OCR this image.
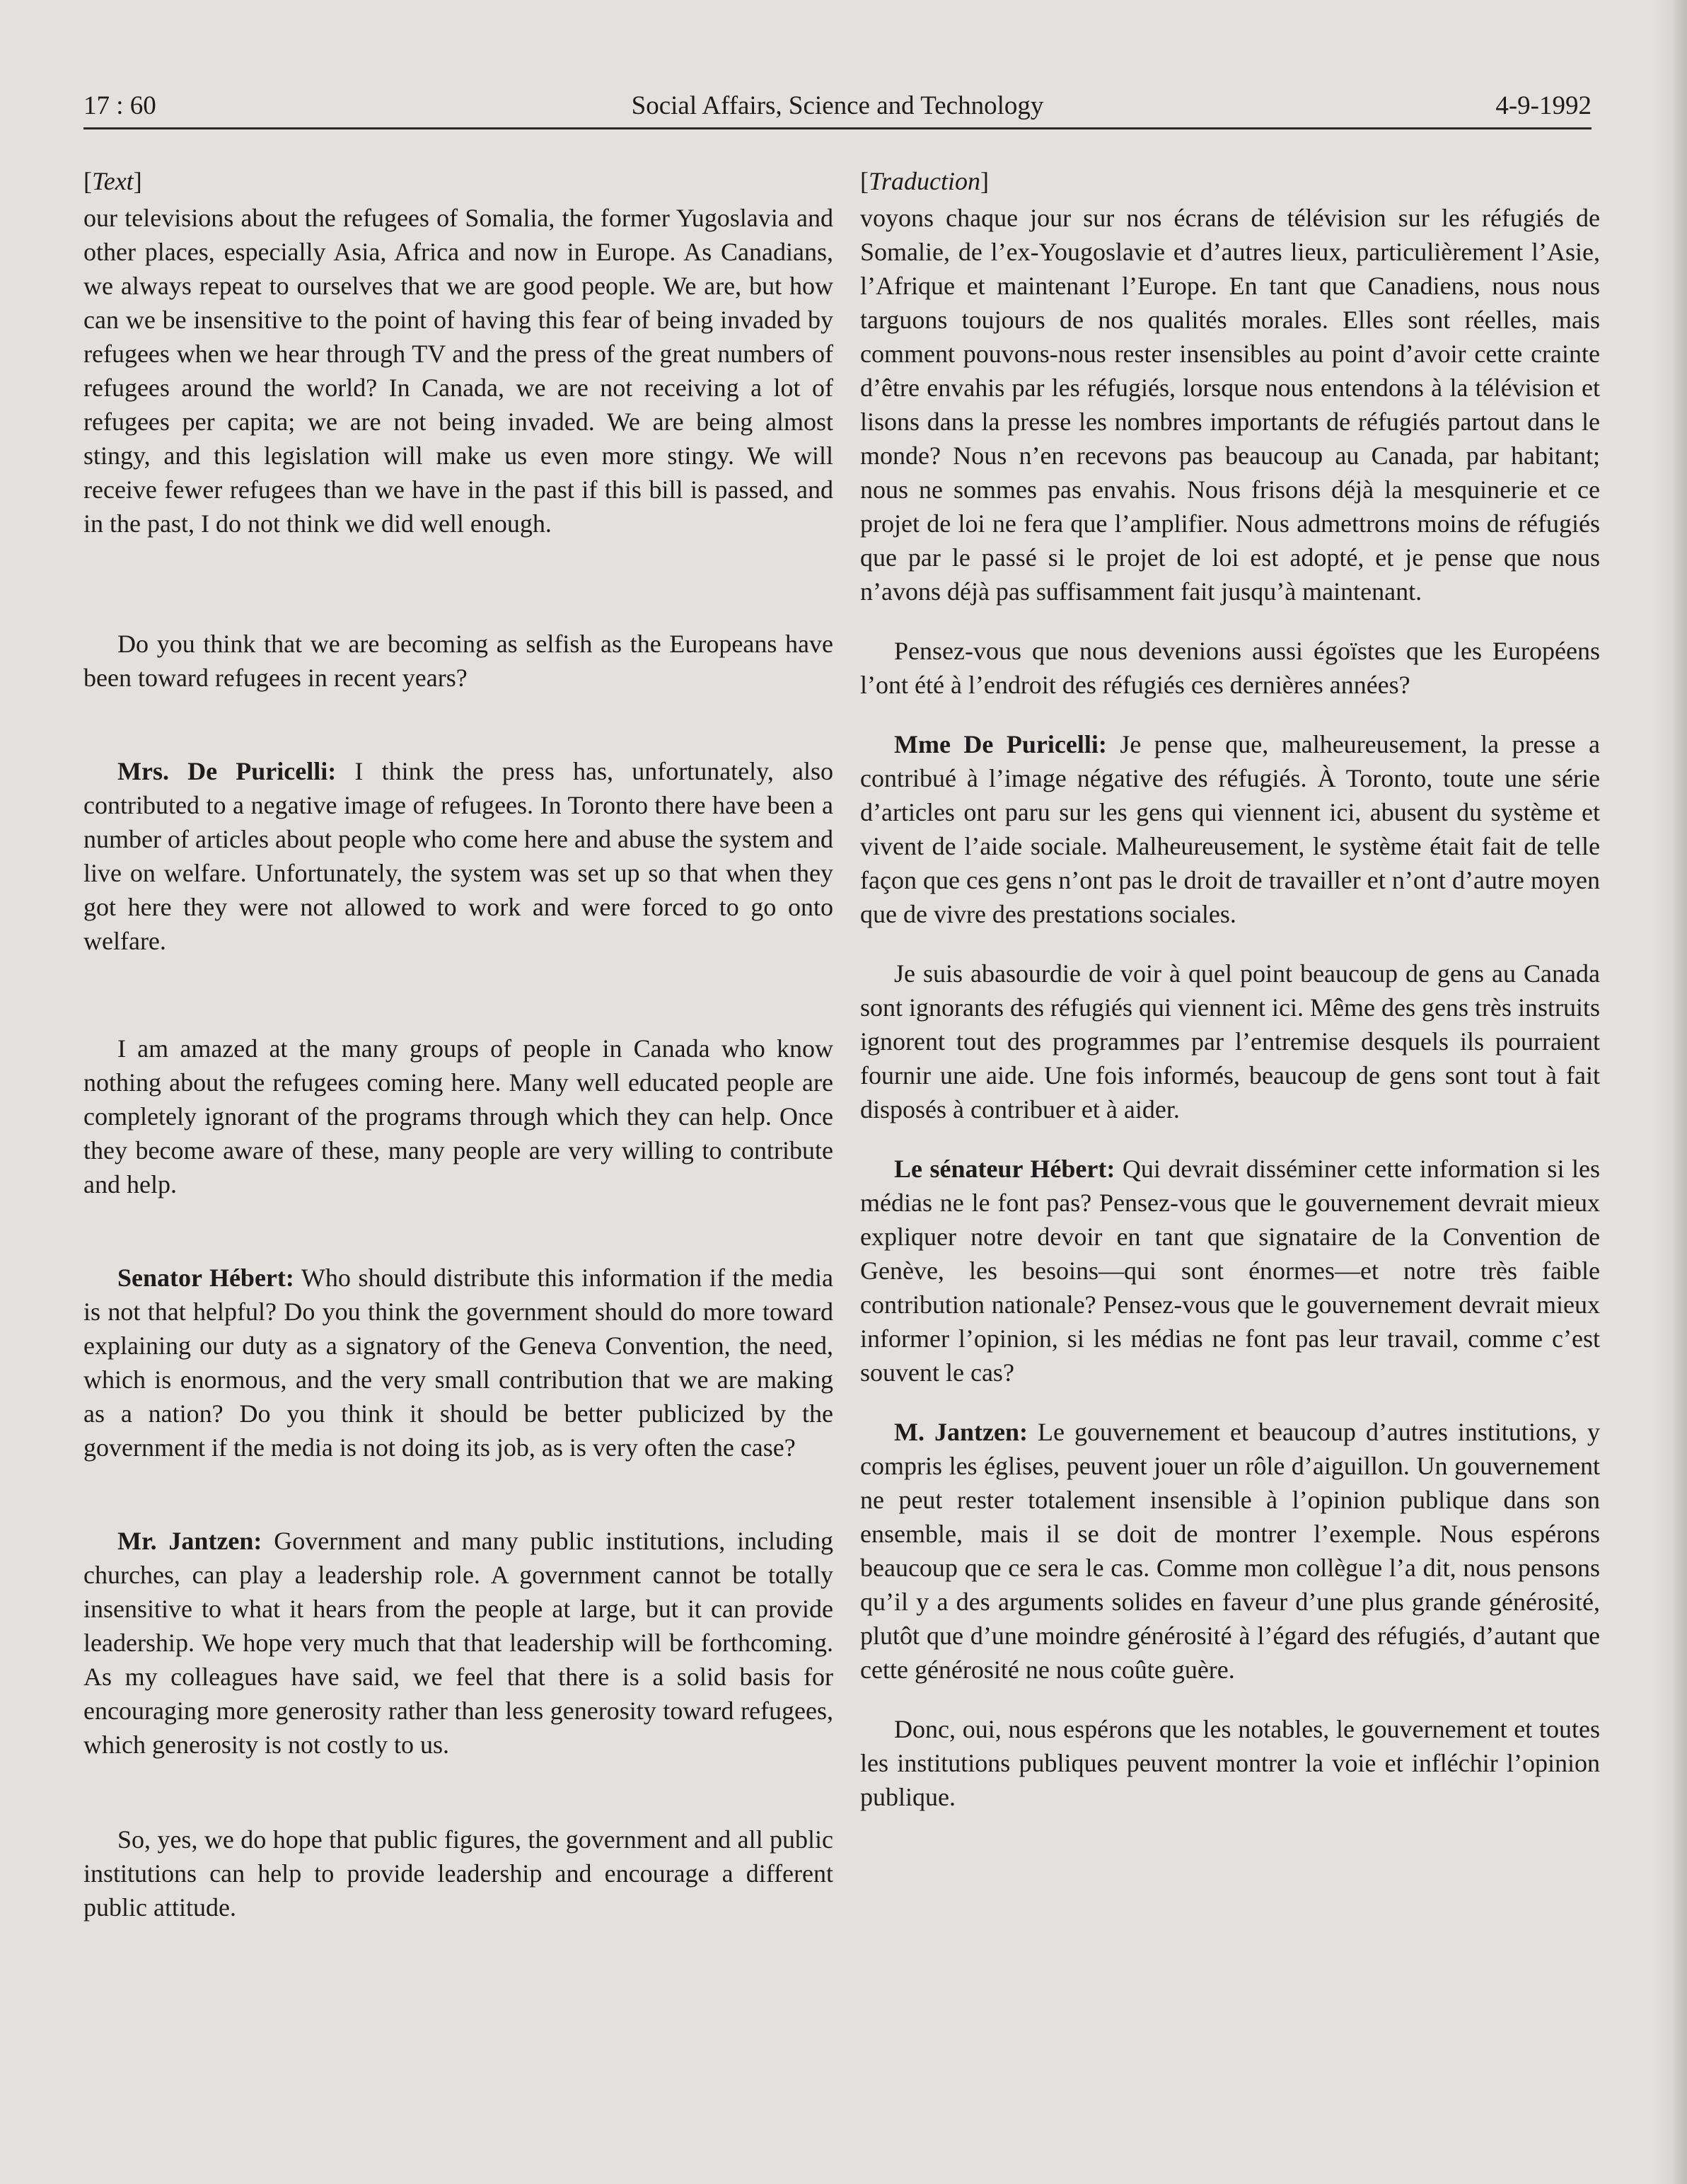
17 : 60	Social Affairs, Science and Technology	4-9-1992

[Text]

our televisions about the refugees of Somalia, the former Yugoslavia and other places, especially Asia, Africa and now in Europe. As Canadians, we always repeat to ourselves that we are good people. We are, but how can we be insensitive to the point of having this fear of being invaded by refugees when we hear through TV and the press of the great numbers of refugees around the world? In Canada, we are not receiving a lot of refugees per capita; we are not being invaded. We are being almost stingy, and this legislation will make us even more stingy. We will receive fewer refugees than we have in the past if this bill is passed, and in the past, I do not think we did well enough.

Do you think that we are becoming as selfish as the Europeans have been toward refugees in recent years?

Mrs. De Puricelli: I think the press has, unfortunately, also contributed to a negative image of refugees. In Toronto there have been a number of articles about people who come here and abuse the system and live on welfare. Unfortunately, the system was set up so that when they got here they were not allowed to work and were forced to go onto welfare.

I am amazed at the many groups of people in Canada who know nothing about the refugees coming here. Many well educated people are completely ignorant of the programs through which they can help. Once they become aware of these, many people are very willing to contribute and help.

Senator Hébert: Who should distribute this information if the media is not that helpful? Do you think the government should do more toward explaining our duty as a signatory of the Geneva Convention, the need, which is enormous, and the very small contribution that we are making as a nation? Do you think it should be better publicized by the government if the media is not doing its job, as is very often the case?

Mr. Jantzen: Government and many public institutions, including churches, can play a leadership role. A government cannot be totally insensitive to what it hears from the people at large, but it can provide leadership. We hope very much that that leadership will be forthcoming. As my colleagues have said, we feel that there is a solid basis for encouraging more generosity rather than less generosity toward refugees, which generosity is not costly to us.

So, yes, we do hope that public figures, the government and all public institutions can help to provide leadership and encourage a different public attitude.

[Traduction]

voyons chaque jour sur nos écrans de télévision sur les réfugiés de Somalie, de l’ex-Yougoslavie et d’autres lieux, particulièrement l’Asie, l’Afrique et maintenant l’Europe. En tant que Canadiens, nous nous targuons toujours de nos qualités morales. Elles sont réelles, mais comment pouvons-nous rester insensibles au point d’avoir cette crainte d’être envahis par les réfugiés, lorsque nous entendons à la télévision et lisons dans la presse les nombres importants de réfugiés partout dans le monde? Nous n’en recevons pas beaucoup au Canada, par habitant; nous ne sommes pas envahis. Nous frisons déjà la mesquinerie et ce projet de loi ne fera que l’amplifier. Nous admettrons moins de réfugiés que par le passé si le projet de loi est adopté, et je pense que nous n’avons déjà pas suffisamment fait jusqu’à maintenant.

Pensez-vous que nous devenions aussi égoïstes que les Européens l’ont été à l’endroit des réfugiés ces dernières années?

Mme De Puricelli: Je pense que, malheureusement, la presse a contribué à l’image négative des réfugiés. À Toronto, toute une série d’articles ont paru sur les gens qui viennent ici, abusent du système et vivent de l’aide sociale. Malheureusement, le système était fait de telle façon que ces gens n’ont pas le droit de travailler et n’ont d’autre moyen que de vivre des prestations sociales.

Je suis abasourdie de voir à quel point beaucoup de gens au Canada sont ignorants des réfugiés qui viennent ici. Même des gens très instruits ignorent tout des programmes par l’entremise desquels ils pourraient fournir une aide. Une fois informés, beaucoup de gens sont tout à fait disposés à contribuer et à aider.

Le sénateur Hébert: Qui devrait disséminer cette information si les médias ne le font pas? Pensez-vous que le gouvernement devrait mieux expliquer notre devoir en tant que signataire de la Convention de Genève, les besoins—qui sont énormes—et notre très faible contribution nationale? Pensez-vous que le gouvernement devrait mieux informer l’opinion, si les médias ne font pas leur travail, comme c’est souvent le cas?

M. Jantzen: Le gouvernement et beaucoup d’autres institutions, y compris les églises, peuvent jouer un rôle d’aiguillon. Un gouvernement ne peut rester totalement insensible à l’opinion publique dans son ensemble, mais il se doit de montrer l’exemple. Nous espérons beaucoup que ce sera le cas. Comme mon collègue l’a dit, nous pensons qu’il y a des arguments solides en faveur d’une plus grande générosité, plutôt que d’une moindre générosité à l’égard des réfugiés, d’autant que cette générosité ne nous coûte guère.

Donc, oui, nous espérons que les notables, le gouvernement et toutes les institutions publiques peuvent montrer la voie et infléchir l’opinion publique.
